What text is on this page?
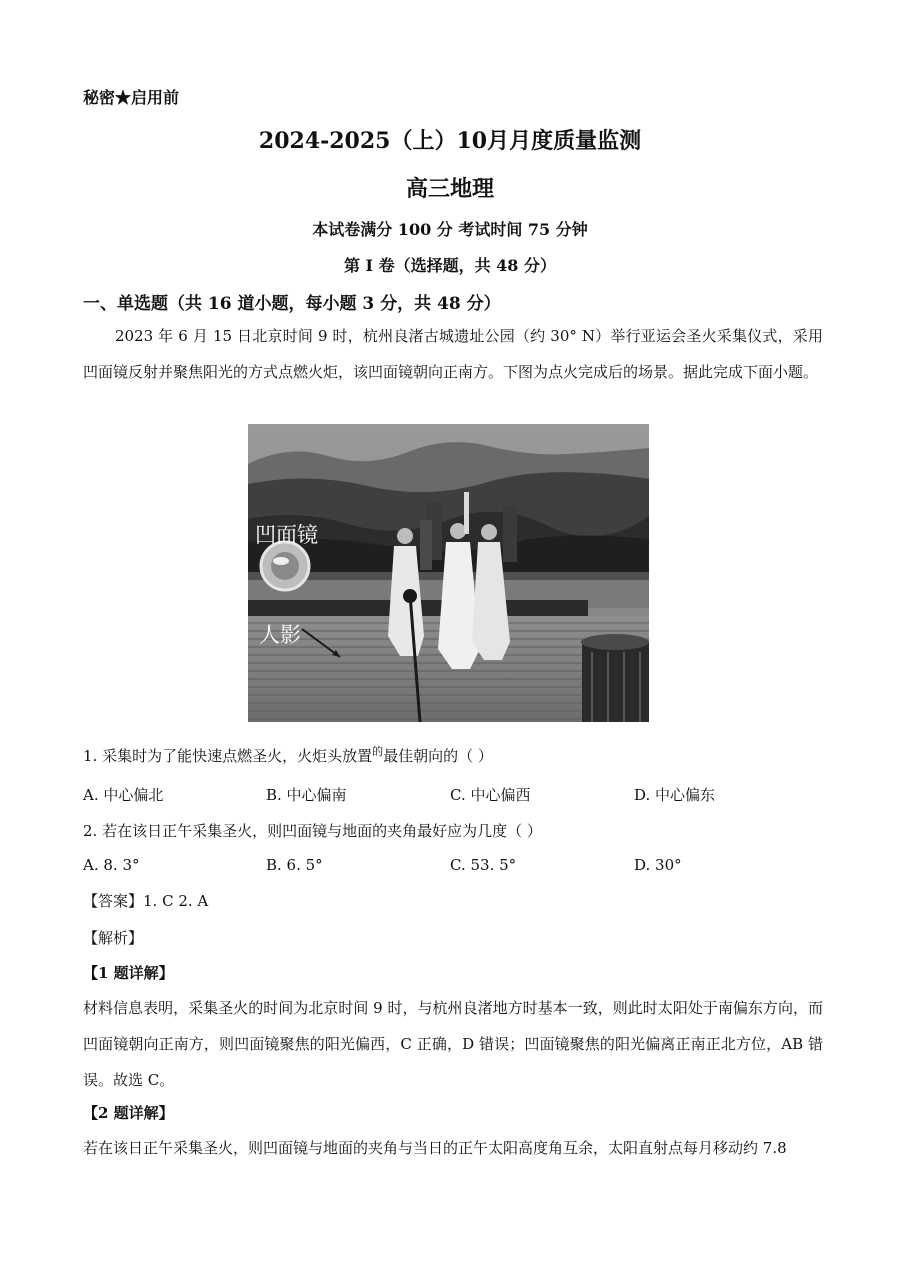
秘密★启用前
2024-2025（上）10月月度质量监测
高三地理
本试卷满分 100 分 考试时间 75 分钟
第 I 卷（选择题，共 48 分）
一、单选题（共 16 道小题，每小题 3 分，共 48 分）
2023 年 6 月 15 日北京时间 9 时，杭州良渚古城遗址公园（约 30° N）举行亚运会圣火采集仪式，采用凹面镜反射并聚焦阳光的方式点燃火炬，该凹面镜朝向正南方。下图为点火完成后的场景。据此完成下面小题。
凹面镜
人影
1. 采集时为了能快速点燃圣火，火炬头放置$^的$最佳朝向的（ ）
A. 中心偏北	B. 中心偏南	C. 中心偏西	D. 中心偏东
2. 若在该日正午采集圣火，则凹面镜与地面的夹角最好应为几度（ ）
A. 8. 3°	B. 6. 5°	C. 53. 5°	D. 30°
【答案】1. C 2. A
【解析】
【1 题详解】
材料信息表明，采集圣火的时间为北京时间 9 时，与杭州良渚地方时基本一致，则此时太阳处于南偏东方向，而凹面镜朝向正南方，则凹面镜聚焦的阳光偏西，C 正确，D 错误；凹面镜聚焦的阳光偏离正南正北方位，AB 错误。故选 C。
【2 题详解】
若在该日正午采集圣火，则凹面镜与地面的夹角与当日的正午太阳高度角互余，太阳直射点每月移动约 7.8
